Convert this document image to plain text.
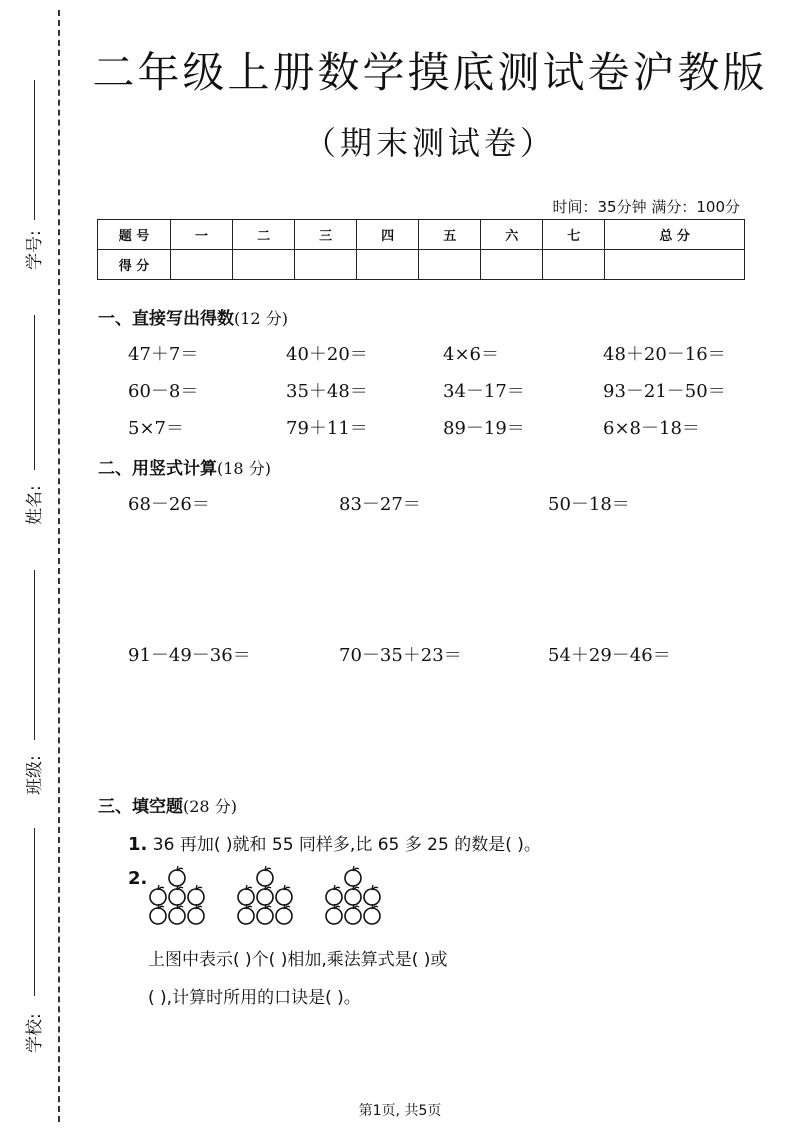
学号:
姓名:
班级:
学校:
二年级上册数学摸底测试卷沪教版
（期末测试卷）
时间：35分钟 满分：100分
题 号	一	二	三	四	五	六	七	总 分
得 分								
一、直接写出得数(12 分)
47＋7＝	40＋20＝	4×6＝	48＋20－16＝
60－8＝	35＋48＝	34－17＝	93－21－50＝
5×7＝	79＋11＝	89－19＝	6×8－18＝
二、用竖式计算(18 分)
68－26＝	83－27＝	50－18＝
91－49－36＝	70－35＋23＝	54＋29－46＝
三、填空题(28 分)
1. 36 再加( )就和 55 同样多,比 65 多 25 的数是( )。
2.
上图中表示( )个( )相加,乘法算式是( )或
( ),计算时所用的口诀是( )。
第1页, 共5页
